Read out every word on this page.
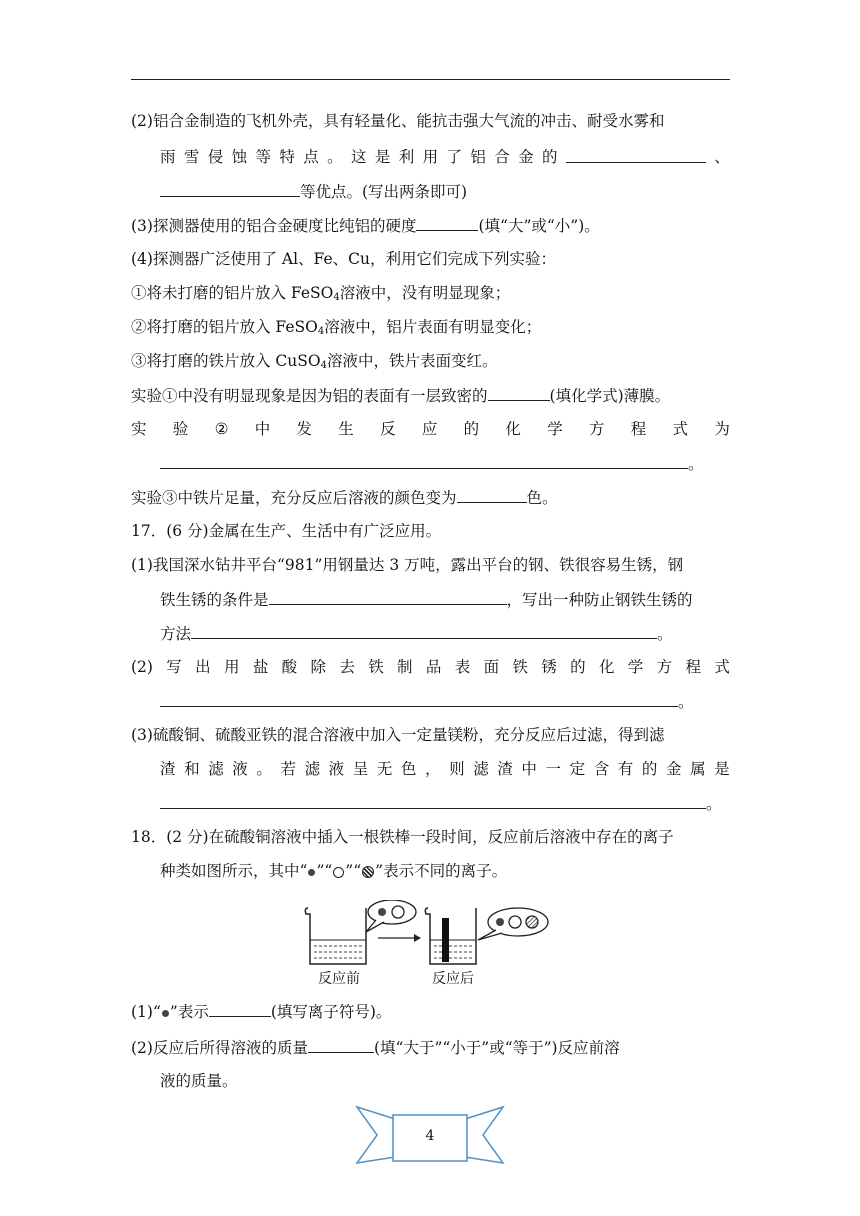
(2)铝合金制造的飞机外壳，具有轻量化、能抗击强大气流的冲击、耐受水雾和
雨 雪 侵 蚀 等 特 点 。 这 是 利 用 了 铝 合 金 的	、
等优点。(写出两条即可)
(3)探测器使用的铝合金硬度比纯铝的硬度	(填“大”或“小”)。
(4)探测器广泛使用了 Al、Fe、Cu，利用它们完成下列实验：
①将未打磨的铝片放入 FeSO$_4$溶液中，没有明显现象；
②将打磨的铝片放入 FeSO$_4$溶液中，铝片表面有明显变化；
③将打磨的铁片放入 CuSO$_4$溶液中，铁片表面变红。
实验①中没有明显现象是因为铝的表面有一层致密的	(填化学式)薄膜。
实 验 ② 中 发 生 反 应 的 化 学 方 程 式 为
。
实验③中铁片足量，充分反应后溶液的颜色变为	色。
17．(6 分)金属在生产、生活中有广泛应用。
(1)我国深水钻井平台“981”用钢量达 3 万吨，露出平台的钢、铁很容易生锈，钢
铁生锈的条件是	，写出一种防止钢铁生锈的
方法	。
(2) 写 出 用 盐 酸 除 去 铁 制 品 表 面 铁 锈 的 化 学 方 程 式
。
(3)硫酸铜、硫酸亚铁的混合溶液中加入一定量镁粉，充分反应后过滤，得到滤
渣 和 滤 液 。 若 滤 液 呈 无 色 ， 则 滤 渣 中 一 定 含 有 的 金 属 是
。
18．(2 分)在硫酸铜溶液中插入一根铁棒一段时间，反应前后溶液中存在的离子
种类如图所示，其中“ ”“ ”“ ”表示不同的离子。
反应前	反应后
(1)“ ”表示	(填写离子符号)。
(2)反应后所得溶液的质量	(填“大于”“小于”或“等于”)反应前溶
液的质量。
4
